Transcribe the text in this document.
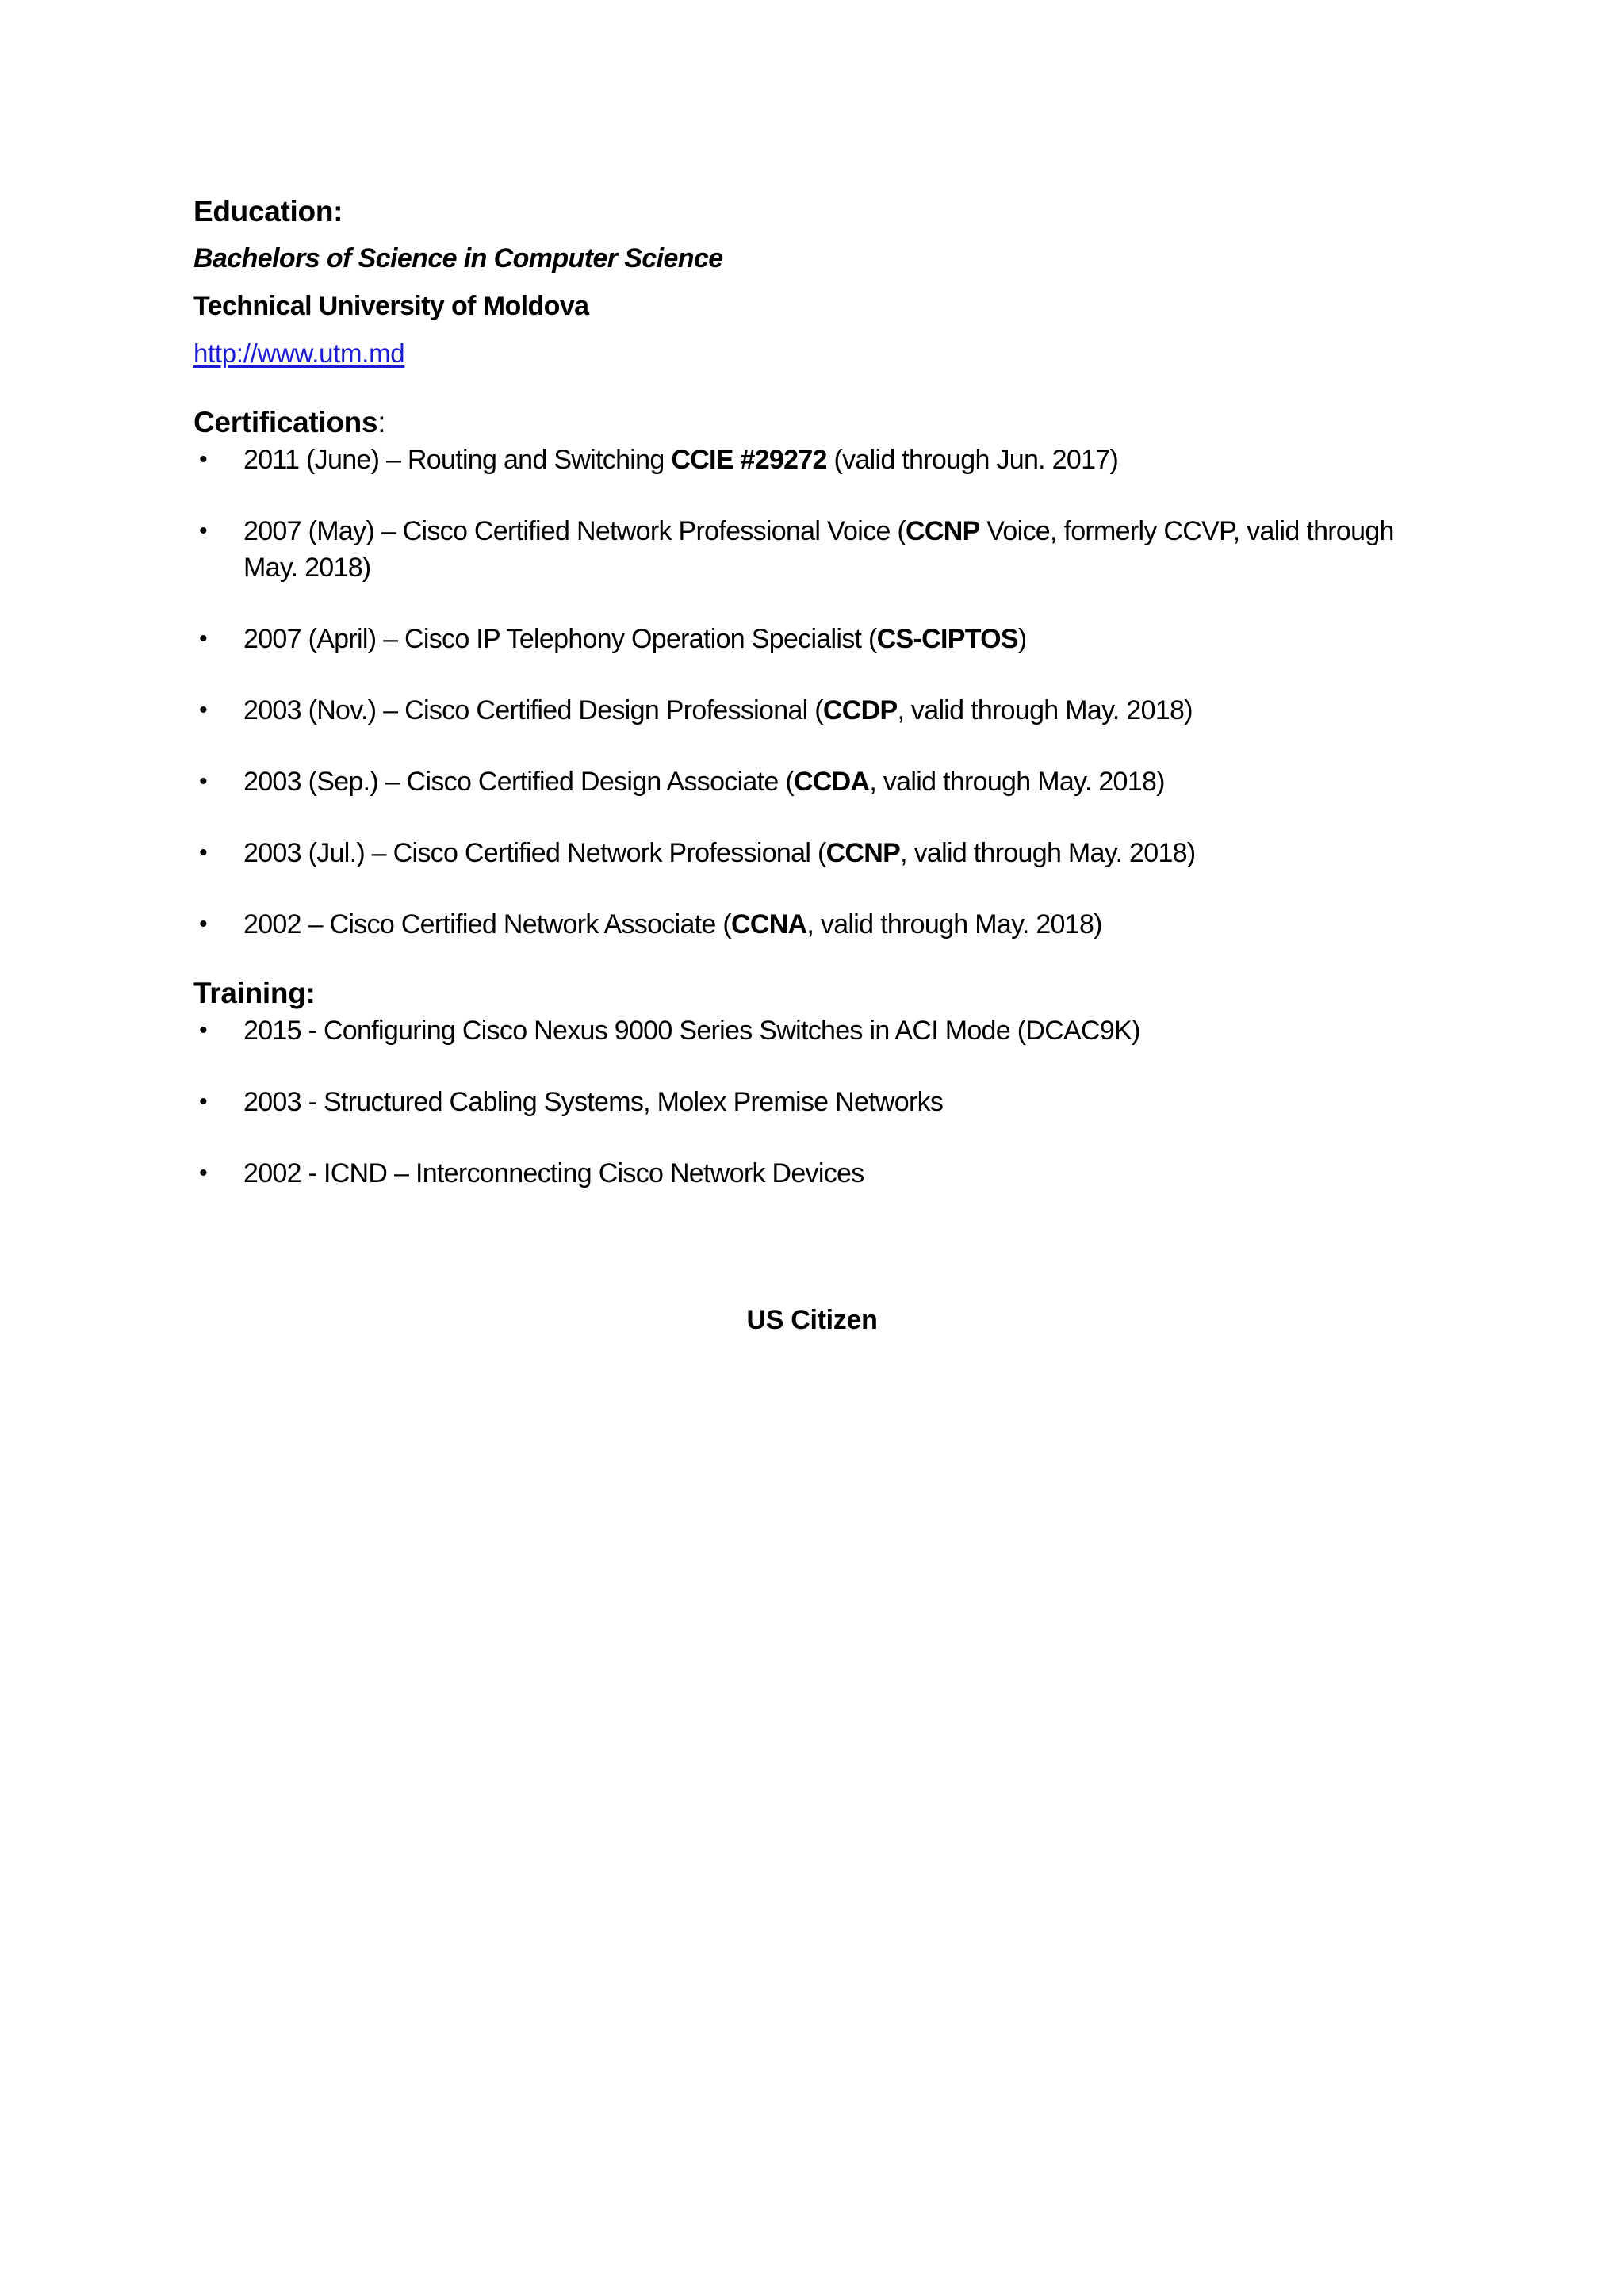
Education:
Bachelors of Science in Computer Science
Technical University of Moldova
http://www.utm.md
Certifications:
• 2011 (June) – Routing and Switching CCIE #29272 (valid through Jun. 2017)
• 2007 (May) – Cisco Certified Network Professional Voice (CCNP Voice, formerly CCVP, valid through May. 2018)
• 2007 (April) – Cisco IP Telephony Operation Specialist (CS-CIPTOS)
• 2003 (Nov.) – Cisco Certified Design Professional (CCDP, valid through May. 2018)
• 2003 (Sep.) – Cisco Certified Design Associate (CCDA, valid through May. 2018)
• 2003 (Jul.) – Cisco Certified Network Professional (CCNP, valid through May. 2018)
• 2002 – Cisco Certified Network Associate (CCNA, valid through May. 2018)
Training:
• 2015 - Configuring Cisco Nexus 9000 Series Switches in ACI Mode (DCAC9K)
• 2003 - Structured Cabling Systems, Molex Premise Networks
• 2002 - ICND – Interconnecting Cisco Network Devices
US Citizen
